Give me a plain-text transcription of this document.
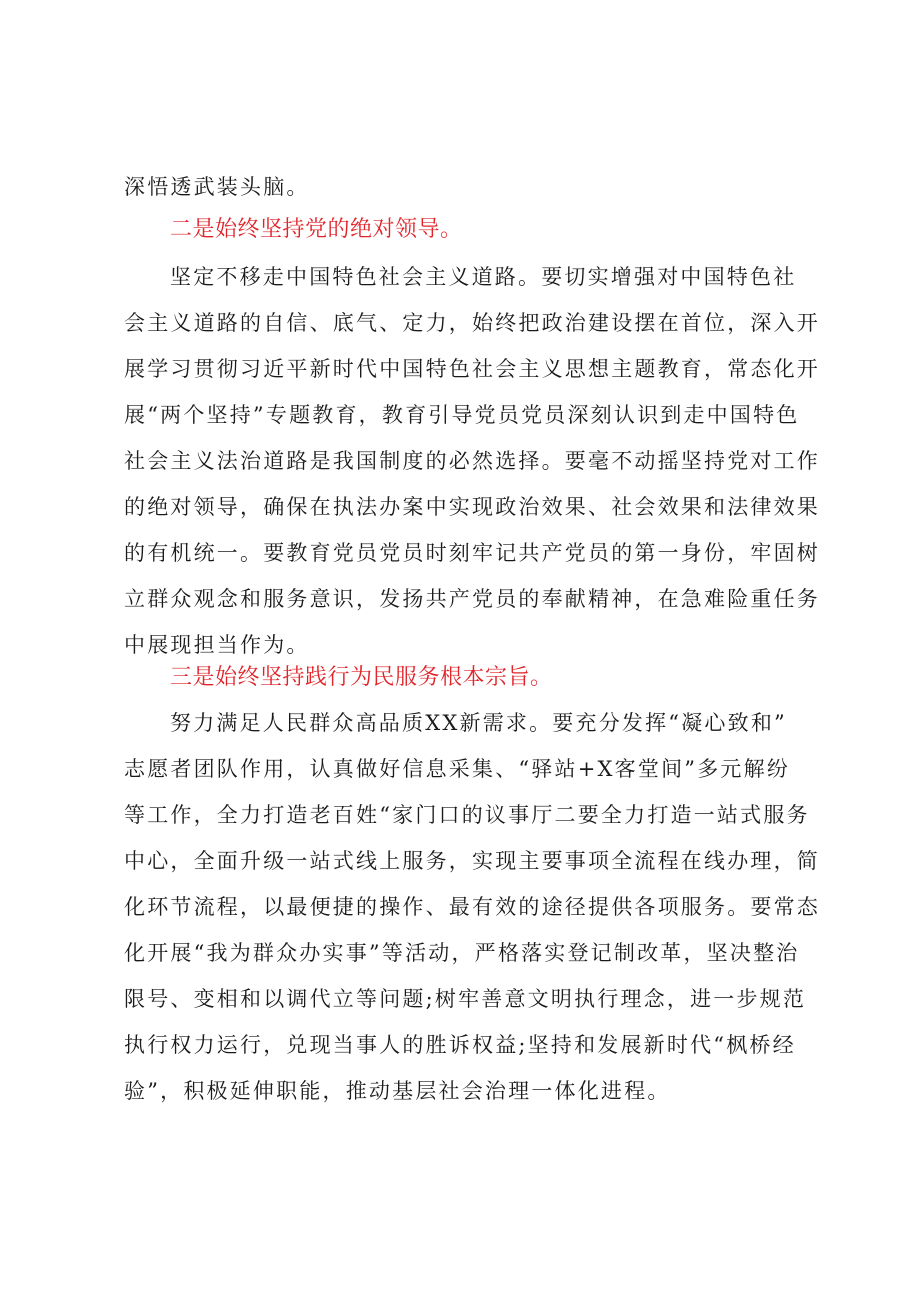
深悟透武装头脑。
二是始终坚持党的绝对领导。
坚定不移走中国特色社会主义道路。要切实增强对中国特色社
会主义道路的自信、底气、定力，始终把政治建设摆在首位，深入开
展学习贯彻习近平新时代中国特色社会主义思想主题教育，常态化开
展“两个坚持”专题教育，教育引导党员党员深刻认识到走中国特色
社会主义法治道路是我国制度的必然选择。要毫不动摇坚持党对工作
的绝对领导，确保在执法办案中实现政治效果、社会效果和法律效果
的有机统一。要教育党员党员时刻牢记共产党员的第一身份，牢固树
立群众观念和服务意识，发扬共产党员的奉献精神，在急难险重任务
中展现担当作为。
三是始终坚持践行为民服务根本宗旨。
努力满足人民群众高品质XX新需求。要充分发挥“凝心致和”
志愿者团队作用，认真做好信息采集、“驿站+X客堂间”多元解纷
等工作，全力打造老百姓“家门口的议事厅二要全力打造一站式服务
中心，全面升级一站式线上服务，实现主要事项全流程在线办理，简
化环节流程，以最便捷的操作、最有效的途径提供各项服务。要常态
化开展“我为群众办实事”等活动，严格落实登记制改革，坚决整治
限号、变相和以调代立等问题;树牢善意文明执行理念，进一步规范
执行权力运行，兑现当事人的胜诉权益;坚持和发展新时代“枫桥经
验”，积极延伸职能，推动基层社会治理一体化进程。
